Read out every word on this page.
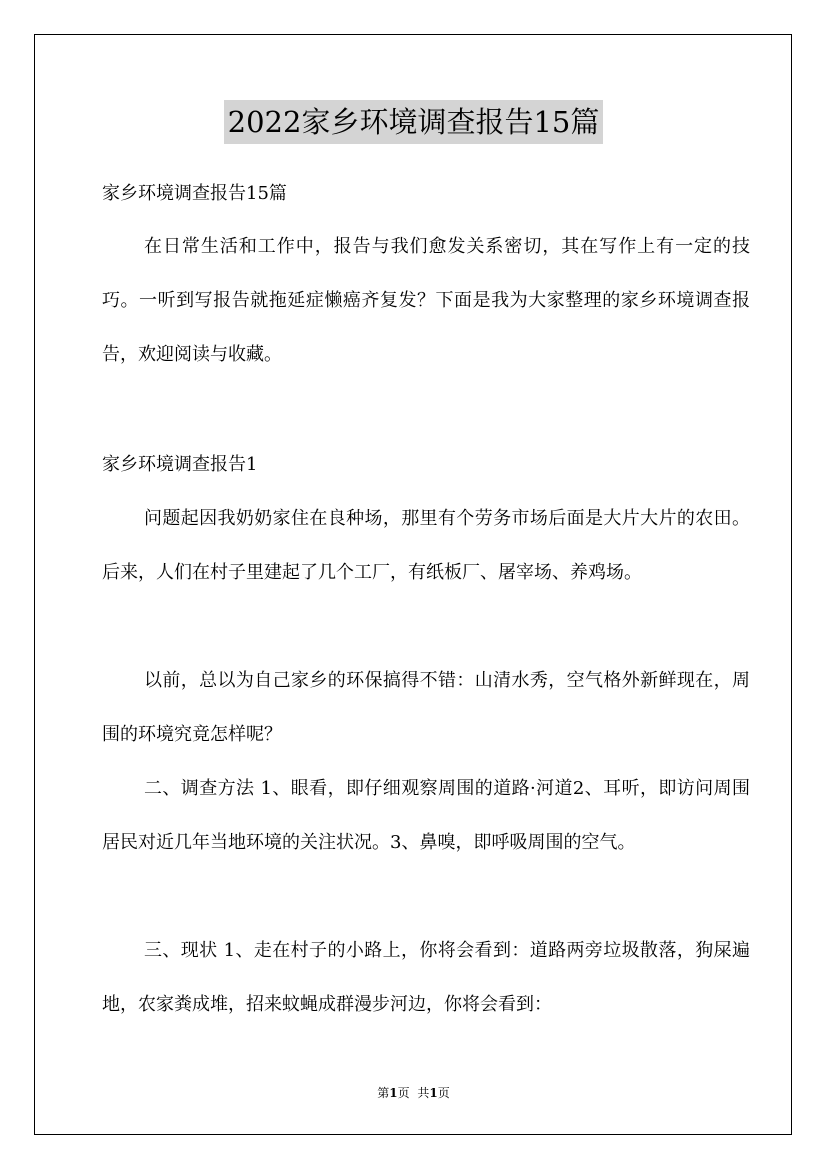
2022家乡环境调查报告15篇
家乡环境调查报告15篇
在日常生活和工作中，报告与我们愈发关系密切，其在写作上有一定的技巧。一听到写报告就拖延症懒癌齐复发？下面是我为大家整理的家乡环境调查报告，欢迎阅读与收藏。
家乡环境调查报告1
问题起因我奶奶家住在良种场，那里有个劳务市场后面是大片大片的农田。后来，人们在村子里建起了几个工厂，有纸板厂、屠宰场、养鸡场。
以前，总以为自己家乡的环保搞得不错：山清水秀，空气格外新鲜现在，周围的环境究竟怎样呢？
二、调查方法 1、眼看，即仔细观察周围的道路·河道2、耳听，即访问周围居民对近几年当地环境的关注状况。3、鼻嗅，即呼吸周围的空气。
三、现状 1、走在村子的小路上，你将会看到：道路两旁垃圾散落，狗屎遍地，农家粪成堆，招来蚊蝇成群漫步河边，你将会看到：
第1页 共1页
